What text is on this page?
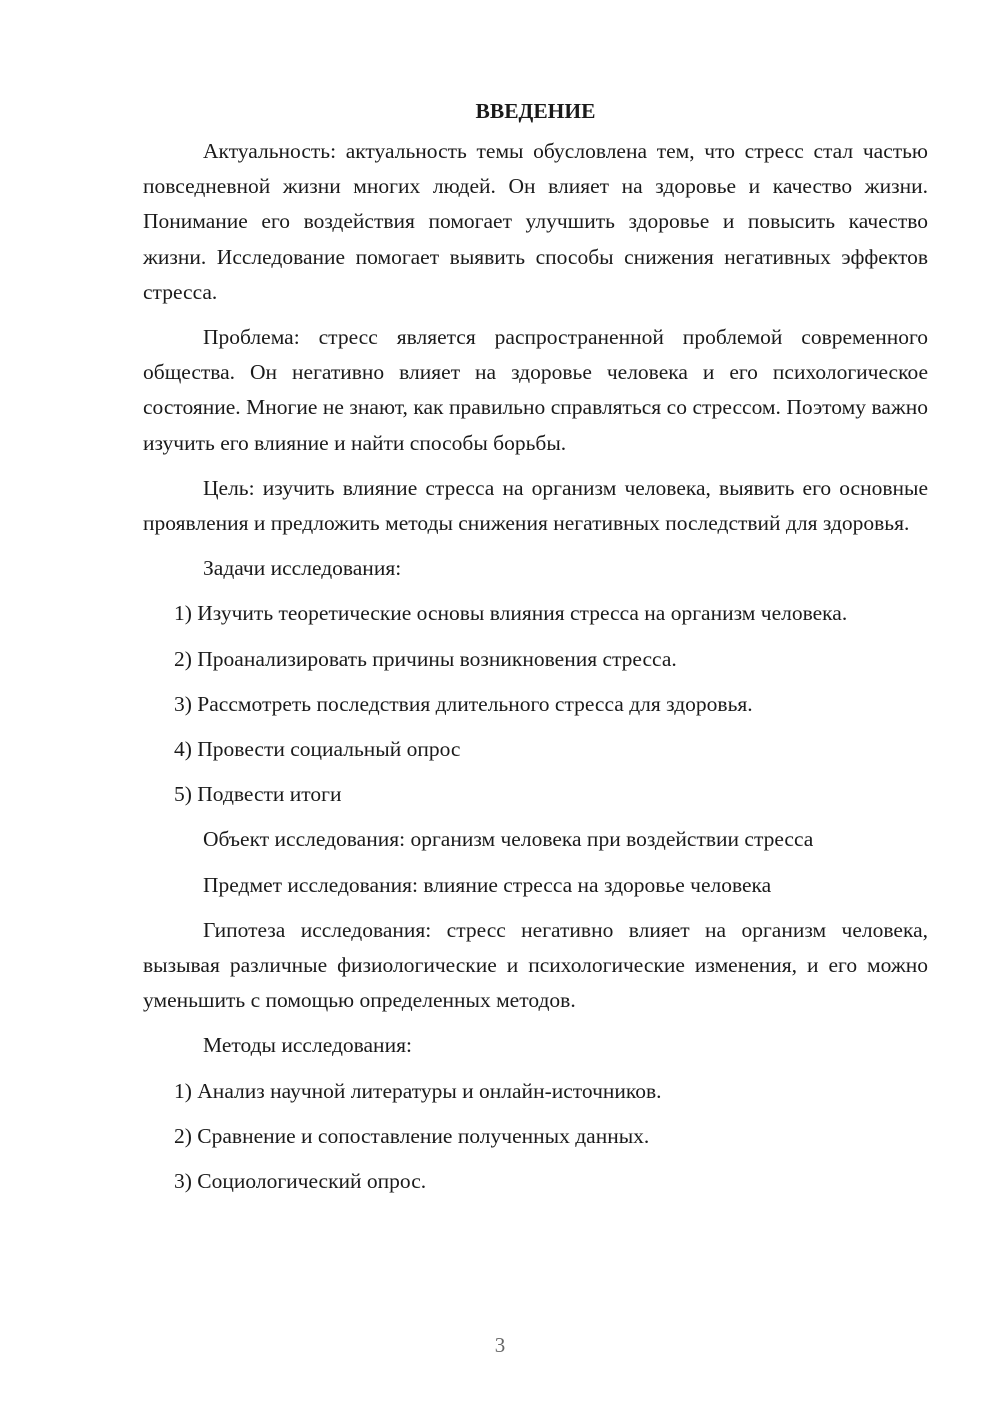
ВВЕДЕНИЕ

Актуальность: актуальность темы обусловлена тем, что стресс стал частью повседневной жизни многих людей. Он влияет на здоровье и качество жизни. Понимание его воздействия помогает улучшить здоровье и повысить качество жизни. Исследование помогает выявить способы снижения негативных эффектов стресса.

Проблема: стресс является распространенной проблемой современного общества. Он негативно влияет на здоровье человека и его психологическое состояние. Многие не знают, как правильно справляться со стрессом. Поэтому важно изучить его влияние и найти способы борьбы.

Цель: изучить влияние стресса на организм человека, выявить его основные проявления и предложить методы снижения негативных последствий для здоровья.

Задачи исследования:

1) Изучить теоретические основы влияния стресса на организм человека.

2) Проанализировать причины возникновения стресса.

3) Рассмотреть последствия длительного стресса для здоровья.

4) Провести социальный опрос

5) Подвести итоги

Объект исследования: организм человека при воздействии стресса

Предмет исследования: влияние стресса на здоровье человека

Гипотеза исследования: стресс негативно влияет на организм человека, вызывая различные физиологические и психологические изменения, и его можно уменьшить с помощью определенных методов.

Методы исследования:

1) Анализ научной литературы и онлайн-источников.

2) Сравнение и сопоставление полученных данных.

3) Социологический опрос.

3
